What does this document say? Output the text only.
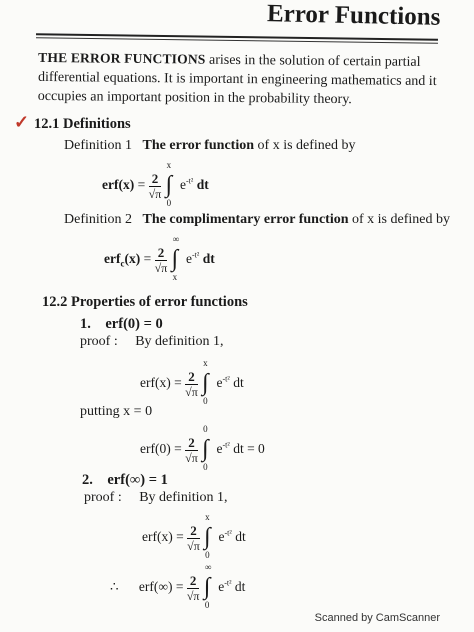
Error Functions
THE ERROR FUNCTIONS arises in the solution of certain partial differential equations. It is important in engineering mathematics and it occupies an important position in the probability theory.
✓ 12.1 Definitions
Definition 1 The error function of x is defined by
$erf(x) = \frac{2}{√\pi}$

x
∫
0
$e^{-t^2}$ dt
Definition 2 The complimentary error function of x is defined by
$erf_c(x) = \frac{2}{√\pi}$

∞
∫
x
$e^{-t^2}$ dt
12.2 Properties of error functions
1. erf(0) = 0
proof : By definition 1,
$erf(x) = \frac{2}{√\pi}$

x
∫
0
$e^{-t^2}$ dt
putting x = 0
$erf(0) = \frac{2}{√\pi}$

0
∫
0
$e^{-t^2}$ dt = 0
2. erf(∞) = 1
proof : By definition 1,
$erf(x) = \frac{2}{√\pi}$

x
∫
0
$e^{-t^2}$ dt
∴ $erf(\infty) = \frac{2}{√\pi}$

∞
∫
0
$e^{-t^2}$ dt
Scanned by CamScanner
